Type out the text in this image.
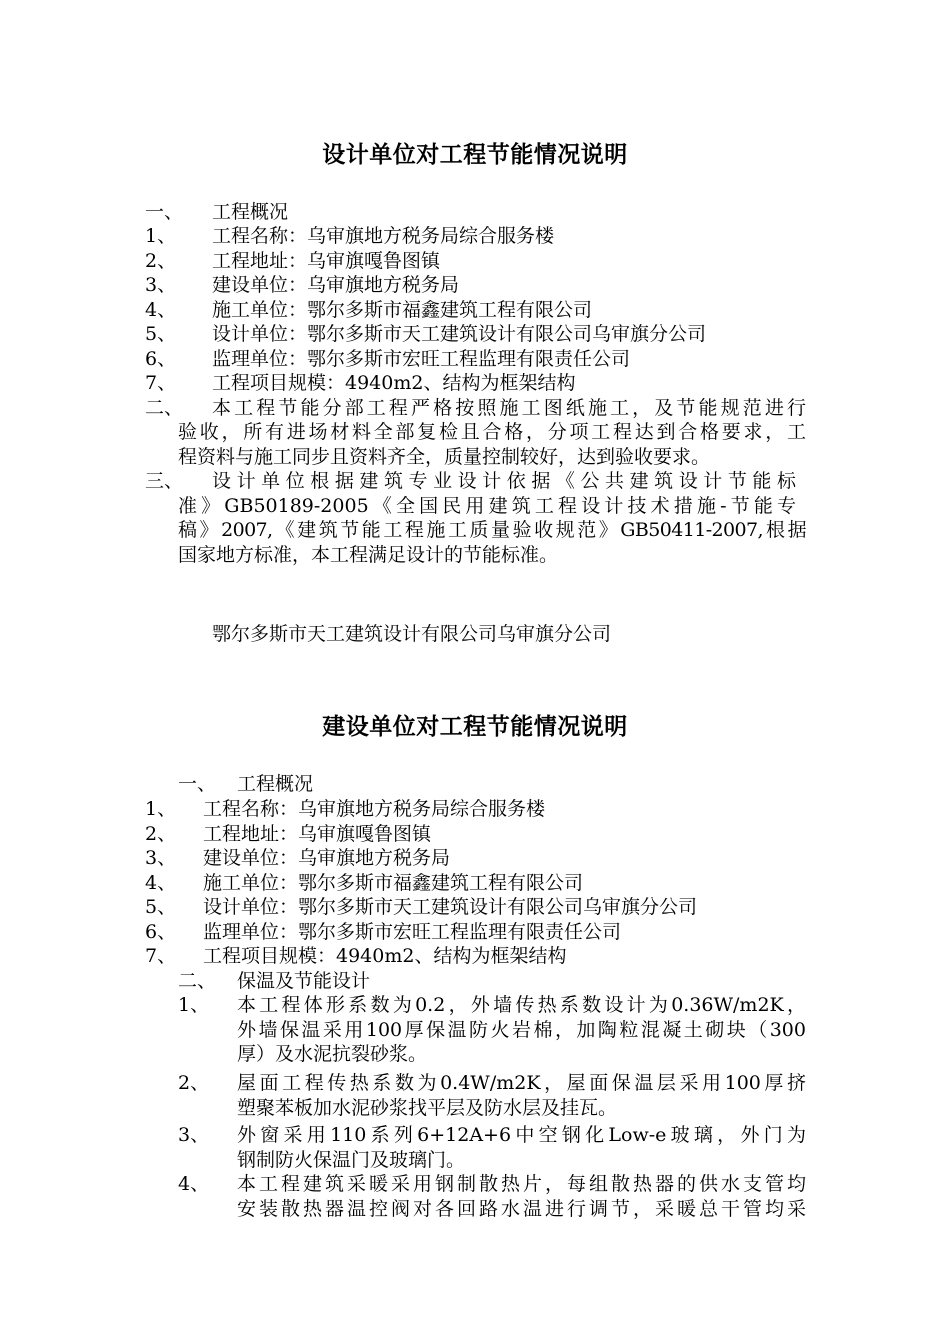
设计单位对工程节能情况说明
一、 工程概况
1、 工程名称：乌审旗地方税务局综合服务楼
2、 工程地址：乌审旗嘎鲁图镇
3、 建设单位：乌审旗地方税务局
4、 施工单位：鄂尔多斯市福鑫建筑工程有限公司
5、 设计单位：鄂尔多斯市天工建筑设计有限公司乌审旗分公司
6、 监理单位：鄂尔多斯市宏旺工程监理有限责任公司
7、 工程项目规模：4940m2、结构为框架结构
二、 本工程节能分部工程严格按照施工图纸施工，及节能规范进行
验收，所有进场材料全部复检且合格，分项工程达到合格要求，工
程资料与施工同步且资料齐全，质量控制较好，达到验收要求。
三、 设计单位根据建筑专业设计依据《公共建筑设计节能标
准》GB50189-2005《全国民用建筑工程设计技术措施-节能专
稿》2007,《建筑节能工程施工质量验收规范》GB50411-2007,根据
国家地方标准，本工程满足设计的节能标准。
鄂尔多斯市天工建筑设计有限公司乌审旗分公司
建设单位对工程节能情况说明
一、 工程概况
1、 工程名称：乌审旗地方税务局综合服务楼
2、 工程地址：乌审旗嘎鲁图镇
3、 建设单位：乌审旗地方税务局
4、 施工单位：鄂尔多斯市福鑫建筑工程有限公司
5、 设计单位：鄂尔多斯市天工建筑设计有限公司乌审旗分公司
6、 监理单位：鄂尔多斯市宏旺工程监理有限责任公司
7、 工程项目规模：4940m2、结构为框架结构
二、 保温及节能设计
1、 本工程体形系数为0.2，外墙传热系数设计为0.36W/m2K，
外墙保温采用100厚保温防火岩棉，加陶粒混凝土砌块（300
厚）及水泥抗裂砂浆。
2、 屋面工程传热系数为0.4W/m2K，屋面保温层采用100厚挤
塑聚苯板加水泥砂浆找平层及防水层及挂瓦。
3、 外窗采用110系列6+12A+6中空钢化Low-e玻璃，外门为
钢制防火保温门及玻璃门。
4、 本工程建筑采暖采用钢制散热片，每组散热器的供水支管均
安装散热器温控阀对各回路水温进行调节，采暖总干管均采
